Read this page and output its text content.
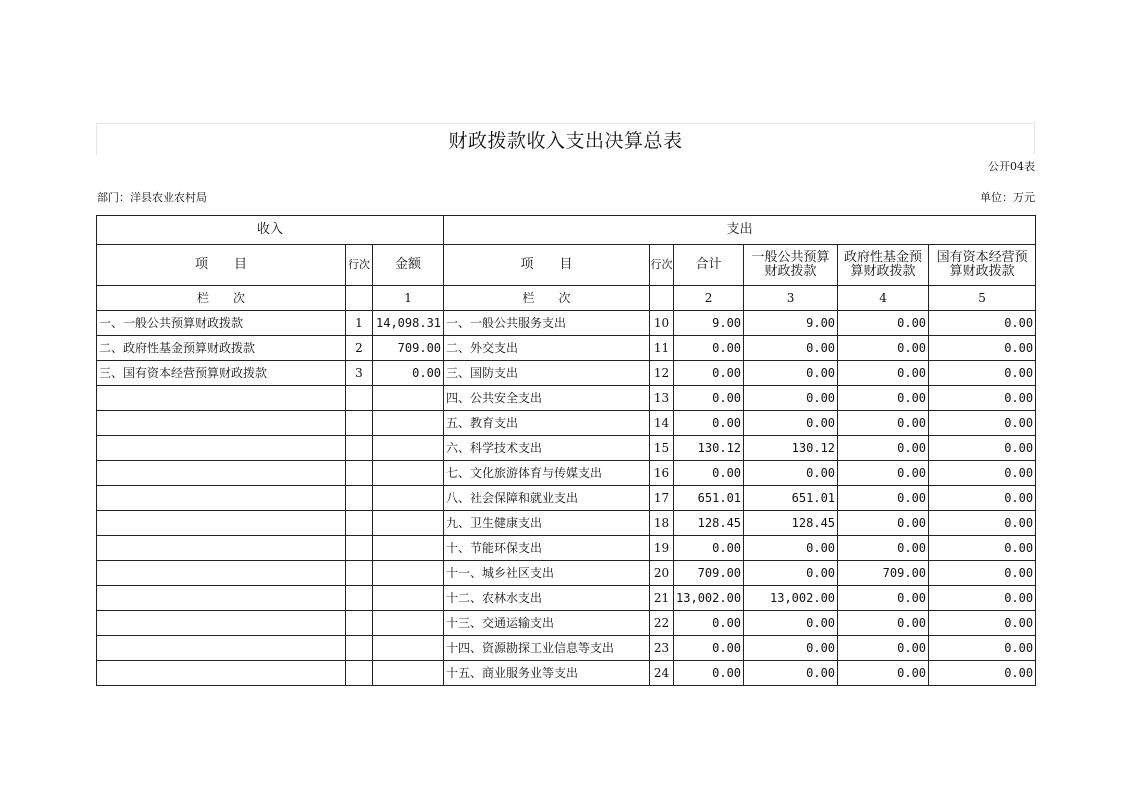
财政拨款收入支出决算总表
公开04表
部门：洋县农业农村局	单位：万元
收入			支出					
项　　目	行次	金额	项　　目	行次	合计	一般公共预算财政拨款	政府性基金预算财政拨款	国有资本经营预算财政拨款
栏　　次		1	栏　　次		2	3	4	5
一、一般公共预算财政拨款	1	14,098.31	一、一般公共服务支出	10	9.00	9.00	0.00	0.00
二、政府性基金预算财政拨款	2	709.00	二、外交支出	11	0.00	0.00	0.00	0.00
三、国有资本经营预算财政拨款	3	0.00	三、国防支出	12	0.00	0.00	0.00	0.00
			四、公共安全支出	13	0.00	0.00	0.00	0.00
			五、教育支出	14	0.00	0.00	0.00	0.00
			六、科学技术支出	15	130.12	130.12	0.00	0.00
			七、文化旅游体育与传媒支出	16	0.00	0.00	0.00	0.00
			八、社会保障和就业支出	17	651.01	651.01	0.00	0.00
			九、卫生健康支出	18	128.45	128.45	0.00	0.00
			十、节能环保支出	19	0.00	0.00	0.00	0.00
			十一、城乡社区支出	20	709.00	0.00	709.00	0.00
			十二、农林水支出	21	13,002.00	13,002.00	0.00	0.00
			十三、交通运输支出	22	0.00	0.00	0.00	0.00
			十四、资源勘探工业信息等支出	23	0.00	0.00	0.00	0.00
			十五、商业服务业等支出	24	0.00	0.00	0.00	0.00
